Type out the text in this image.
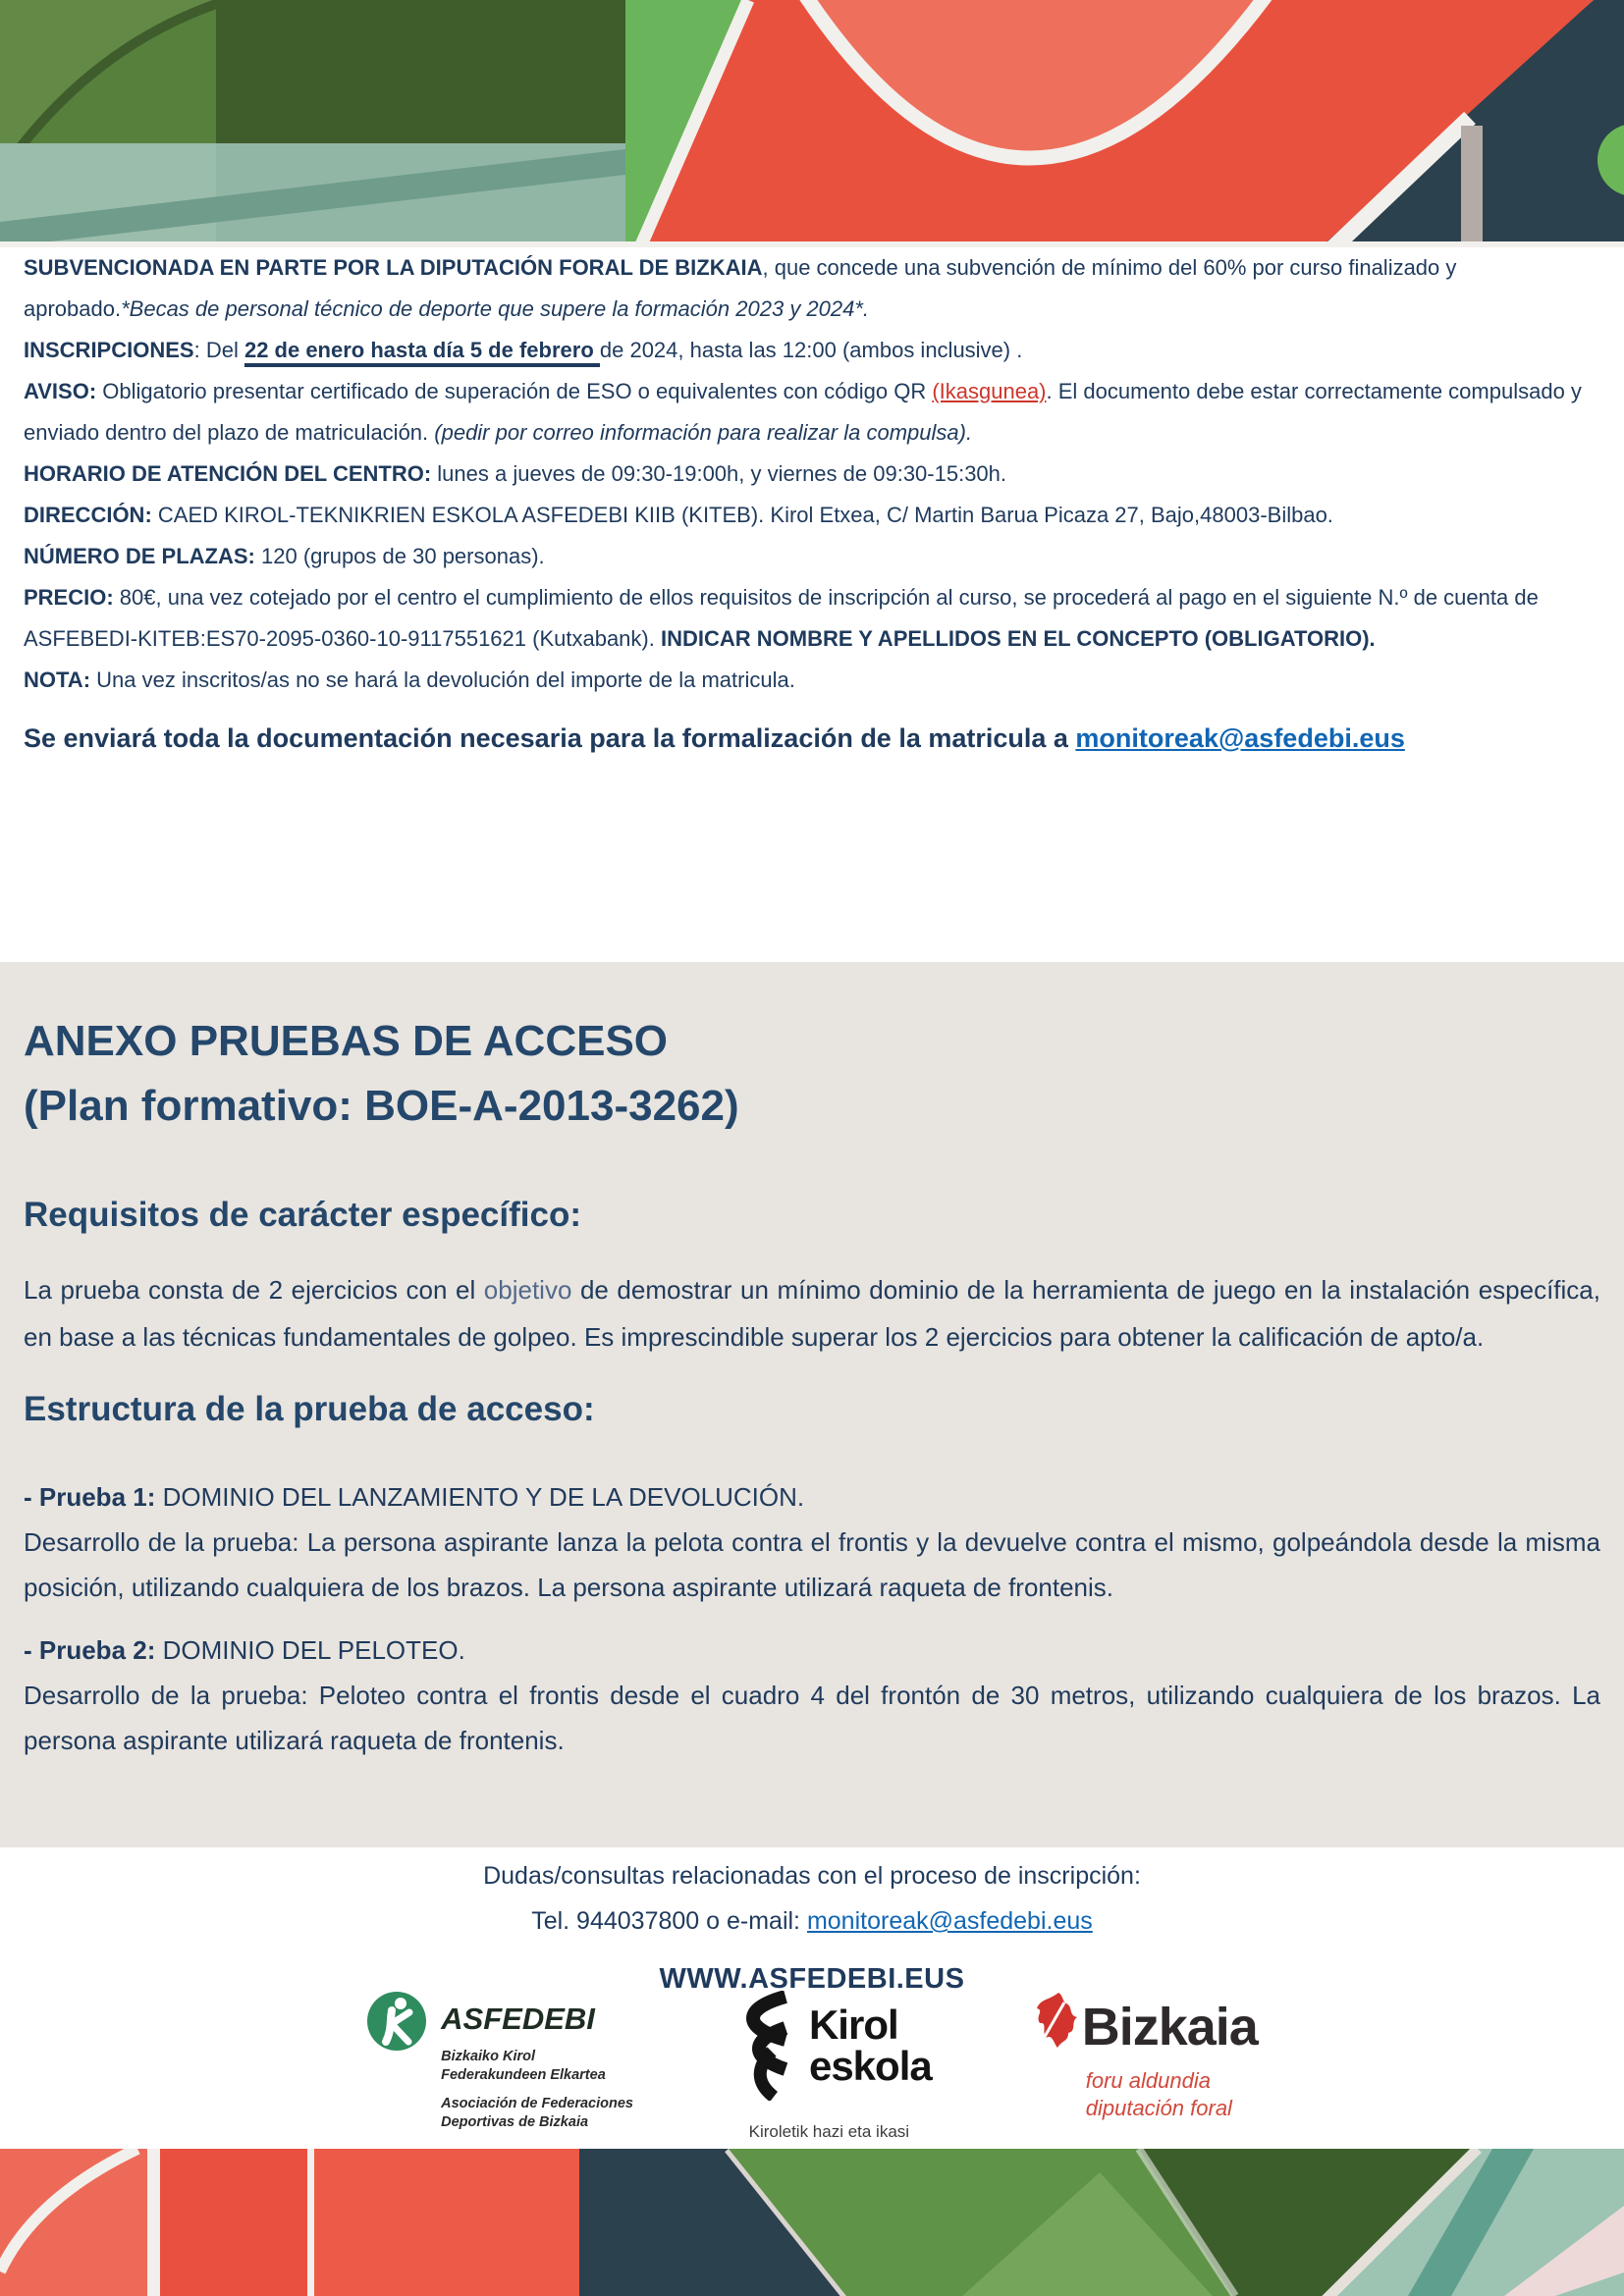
SUBVENCIONADA EN PARTE POR LA DIPUTACIÓN FORAL DE BIZKAIA, que concede una subvención de mínimo del 60% por curso finalizado y aprobado.*Becas de personal técnico de deporte que supere la formación 2023 y 2024*.

INSCRIPCIONES: Del 22 de enero hasta día 5 de febrero de 2024, hasta las 12:00 (ambos inclusive) .

AVISO: Obligatorio presentar certificado de superación de ESO o equivalentes con código QR (Ikasgunea). El documento debe estar correctamente compulsado y enviado dentro del plazo de matriculación. (pedir por correo información para realizar la compulsa).

HORARIO DE ATENCIÓN DEL CENTRO: lunes a jueves de 09:30-19:00h, y viernes de 09:30-15:30h.

DIRECCIÓN: CAED KIROL-TEKNIKRIEN ESKOLA ASFEDEBI KIIB (KITEB). Kirol Etxea, C/ Martin Barua Picaza 27, Bajo,48003-Bilbao.

NÚMERO DE PLAZAS: 120 (grupos de 30 personas).

PRECIO: 80€, una vez cotejado por el centro el cumplimiento de ellos requisitos de inscripción al curso, se procederá al pago en el siguiente N.º de cuenta de ASFEBEDI-KITEB:ES70-2095-0360-10-9117551621 (Kutxabank). INDICAR NOMBRE Y APELLIDOS EN EL CONCEPTO (OBLIGATORIO).

NOTA: Una vez inscritos/as no se hará la devolución del importe de la matricula.

Se enviará toda la documentación necesaria para la formalización de la matricula a monitoreak@asfedebi.eus

ANEXO PRUEBAS DE ACCESO
(Plan formativo: BOE-A-2013-3262)
Requisitos de carácter específico:

La prueba consta de 2 ejercicios con el objetivo de demostrar un mínimo dominio de la herramienta de juego en la instalación específica, en base a las técnicas fundamentales de golpeo. Es imprescindible superar los 2 ejercicios para obtener la calificación de apto/a.

Estructura de la prueba de acceso:

- Prueba 1: DOMINIO DEL LANZAMIENTO Y DE LA DEVOLUCIÓN.

Desarrollo de la prueba: La persona aspirante lanza la pelota contra el frontis y la devuelve contra el mismo, golpeándola desde la misma posición, utilizando cualquiera de los brazos. La persona aspirante utilizará raqueta de frontenis.

- Prueba 2: DOMINIO DEL PELOTEO.

Desarrollo de la prueba: Peloteo contra el frontis desde el cuadro 4 del frontón de 30 metros, utilizando cualquiera de los brazos. La persona aspirante utilizará raqueta de frontenis.

Dudas/consultas relacionadas con el proceso de inscripción:

Tel. 944037800 o e-mail: monitoreak@asfedebi.eus

WWW.ASFEDEBI.EUS

ASFEDEBI
Bizkaiko Kirol
Federakundeen Elkartea
Asociación de Federaciones
Deportivas de Bizkaia
Kirol
eskola
Kiroletik hazi eta ikasi
Bizkaia
foru aldundia
diputación foral
